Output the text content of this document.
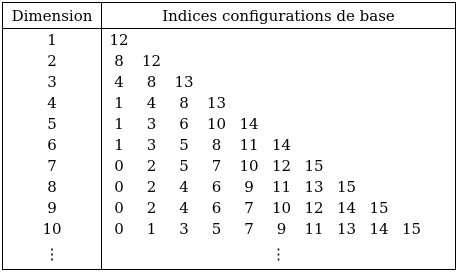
Dimension	Indices configurations de base
1	12
2	8	12
3	4	8	13
4	1	4	8	13
5	1	3	6	10 14
6	1	3	5	8	11 14
7	0	2	5	7	10 12 15
8	0	2	4	6	9	11 13 15
9	0	2	4	6	7	10 12 14 15
10	0	1	3	5	7	9	11 13 14 15
⋮	⋮
